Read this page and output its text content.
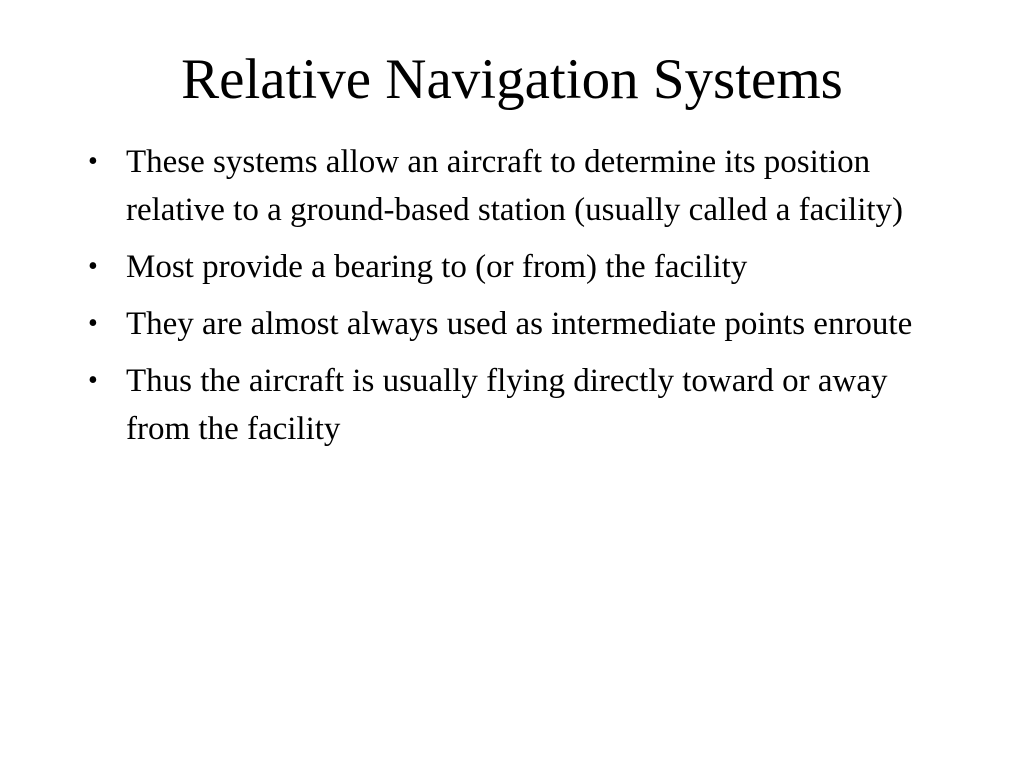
Relative Navigation Systems
• These systems allow an aircraft to determine its position relative to a ground-based station (usually called a facility)
• Most provide a bearing to (or from) the facility
• They are almost always used as intermediate points enroute
• Thus the aircraft is usually flying directly toward or away from the facility
